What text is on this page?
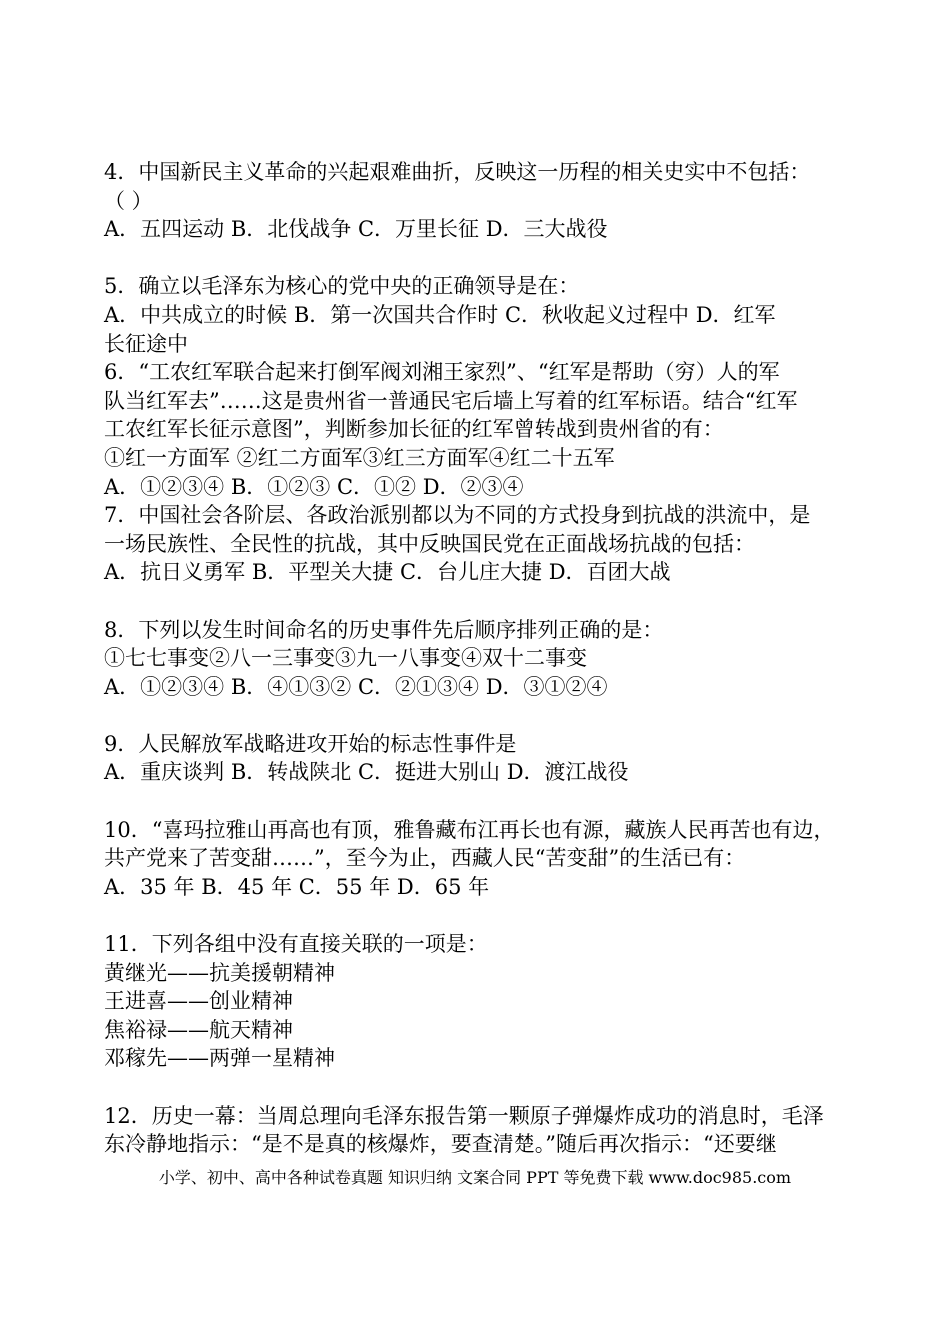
4．中国新民主义革命的兴起艰难曲折，反映这一历程的相关史实中不包括：
（ ）
A．五四运动 B．北伐战争 C．万里长征 D．三大战役
5．确立以毛泽东为核心的党中央的正确领导是在：
A．中共成立的时候 B．第一次国共合作时 C．秋收起义过程中 D．红军
长征途中
6．“工农红军联合起来打倒军阀刘湘王家烈”、“红军是帮助（穷）人的军
队当红军去”……这是贵州省一普通民宅后墙上写着的红军标语。结合“红军
工农红军长征示意图”，判断参加长征的红军曾转战到贵州省的有：
①红一方面军 ②红二方面军③红三方面军④红二十五军
A．①②③④ B．①②③ C．①② D．②③④
7．中国社会各阶层、各政治派别都以为不同的方式投身到抗战的洪流中，是
一场民族性、全民性的抗战，其中反映国民党在正面战场抗战的包括：
A．抗日义勇军 B．平型关大捷 C．台儿庄大捷 D．百团大战
8．下列以发生时间命名的历史事件先后顺序排列正确的是：
①七七事变②八一三事变③九一八事变④双十二事变
A．①②③④ B．④①③② C．②①③④ D．③①②④
9．人民解放军战略进攻开始的标志性事件是
A．重庆谈判 B．转战陕北 C．挺进大别山 D．渡江战役
10．“喜玛拉雅山再高也有顶，雅鲁藏布江再长也有源，藏族人民再苦也有边，
共产党来了苦变甜……”，至今为止，西藏人民“苦变甜”的生活已有：
A．35 年 B．45 年 C．55 年 D．65 年
11．下列各组中没有直接关联的一项是：
黄继光——抗美援朝精神
王进喜——创业精神
焦裕禄——航天精神
邓稼先——两弹一星精神
12．历史一幕：当周总理向毛泽东报告第一颗原子弹爆炸成功的消息时，毛泽
东冷静地指示：“是不是真的核爆炸，要查清楚。”随后再次指示：“还要继
小学、初中、高中各种试卷真题 知识归纳 文案合同 PPT 等免费下载 www.doc985.com
